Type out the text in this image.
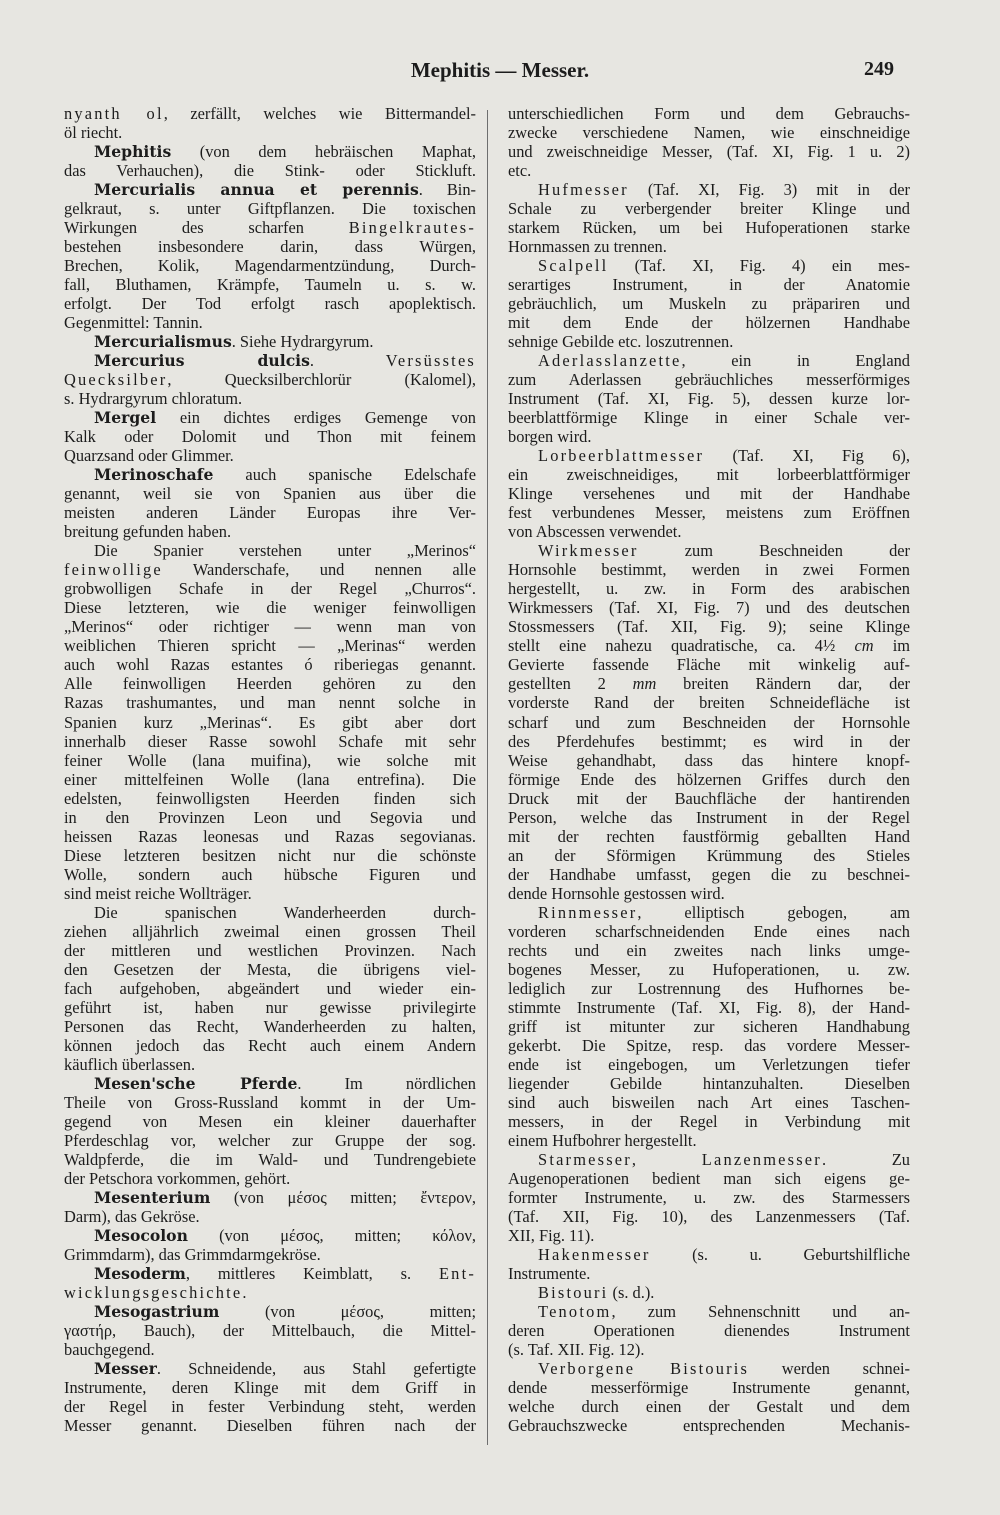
Mephitis — Messer.	249
nyanth ol, zerfällt, welches wie Bittermandel-
öl riecht.
Mephitis (von dem hebräischen Maphat,
das Verhauchen), die Stink- oder Stickluft.
Mercurialis annua et perennis. Bin-
gelkraut, s. unter Giftpflanzen. Die toxischen
Wirkungen des scharfen Bingelkrautes-
bestehen insbesondere darin, dass Würgen,
Brechen, Kolik, Magendarmentzündung, Durch-
fall, Bluthamen, Krämpfe, Taumeln u. s. w.
erfolgt. Der Tod erfolgt rasch apoplektisch.
Gegenmittel: Tannin.
Mercurialismus. Siehe Hydrargyrum.
Mercurius dulcis. Versüsstes
Quecksilber, Quecksilberchlorür (Kalomel),
s. Hydrargyrum chloratum.
Mergel ein dichtes erdiges Gemenge von
Kalk oder Dolomit und Thon mit feinem
Quarzsand oder Glimmer.
Merinoschafe auch spanische Edelschafe
genannt, weil sie von Spanien aus über die
meisten anderen Länder Europas ihre Ver-
breitung gefunden haben.
Die Spanier verstehen unter „Merinos“
feinwollige Wanderschafe, und nennen alle
grobwolligen Schafe in der Regel „Churros“.
Diese letzteren, wie die weniger feinwolligen
„Merinos“ oder richtiger — wenn man von
weiblichen Thieren spricht — „Merinas“ werden
auch wohl Razas estantes ó riberiegas genannt.
Alle feinwolligen Heerden gehören zu den
Razas trashumantes, und man nennt solche in
Spanien kurz „Merinas“. Es gibt aber dort
innerhalb dieser Rasse sowohl Schafe mit sehr
feiner Wolle (lana muifina), wie solche mit
einer mittelfeinen Wolle (lana entrefina). Die
edelsten, feinwolligsten Heerden finden sich
in den Provinzen Leon und Segovia und
heissen Razas leonesas und Razas segovianas.
Diese letzteren besitzen nicht nur die schönste
Wolle, sondern auch hübsche Figuren und
sind meist reiche Wollträger.
Die spanischen Wanderheerden durch-
ziehen alljährlich zweimal einen grossen Theil
der mittleren und westlichen Provinzen. Nach
den Gesetzen der Mesta, die übrigens viel-
fach aufgehoben, abgeändert und wieder ein-
geführt ist, haben nur gewisse privilegirte
Personen das Recht, Wanderheerden zu halten,
können jedoch das Recht auch einem Andern
käuflich überlassen.
Mesen'sche Pferde. Im nördlichen
Theile von Gross-Russland kommt in der Um-
gegend von Mesen ein kleiner dauerhafter
Pferdeschlag vor, welcher zur Gruppe der sog.
Waldpferde, die im Wald- und Tundrengebiete
der Petschora vorkommen, gehört.
Mesenterium (von μέσος mitten; ἔντερον,
Darm), das Gekröse.
Mesocolon (von μέσος, mitten; κόλον,
Grimmdarm), das Grimmdarmgekröse.
Mesoderm, mittleres Keimblatt, s. Ent-
wicklungsgeschichte.
Mesogastrium (von μέσος, mitten;
γαστήρ, Bauch), der Mittelbauch, die Mittel-
bauchgegend.
Messer. Schneidende, aus Stahl gefertigte
Instrumente, deren Klinge mit dem Griff in
der Regel in fester Verbindung steht, werden
Messer genannt. Dieselben führen nach der
unterschiedlichen Form und dem Gebrauchs-
zwecke verschiedene Namen, wie einschneidige
und zweischneidige Messer, (Taf. XI, Fig. 1 u. 2)
etc.
Hufmesser (Taf. XI, Fig. 3) mit in der
Schale zu verbergender breiter Klinge und
starkem Rücken, um bei Hufoperationen starke
Hornmassen zu trennen.
Scalpell (Taf. XI, Fig. 4) ein mes-
serartiges Instrument, in der Anatomie
gebräuchlich, um Muskeln zu präpariren und
mit dem Ende der hölzernen Handhabe
sehnige Gebilde etc. loszutrennen.
Aderlasslanzette, ein in England
zum Aderlassen gebräuchliches messerförmiges
Instrument (Taf. XI, Fig. 5), dessen kurze lor-
beerblattförmige Klinge in einer Schale ver-
borgen wird.
Lorbeerblattmesser (Taf. XI, Fig 6),
ein zweischneidiges, mit lorbeerblattförmiger
Klinge versehenes und mit der Handhabe
fest verbundenes Messer, meistens zum Eröffnen
von Abscessen verwendet.
Wirkmesser zum Beschneiden der
Hornsohle bestimmt, werden in zwei Formen
hergestellt, u. zw. in Form des arabischen
Wirkmessers (Taf. XI, Fig. 7) und des deutschen
Stossmessers (Taf. XII, Fig. 9); seine Klinge
stellt eine nahezu quadratische, ca. 4½ cm im
Gevierte fassende Fläche mit winkelig auf-
gestellten 2 mm breiten Rändern dar, der
vorderste Rand der breiten Schneidefläche ist
scharf und zum Beschneiden der Hornsohle
des Pferdehufes bestimmt; es wird in der
Weise gehandhabt, dass das hintere knopf-
förmige Ende des hölzernen Griffes durch den
Druck mit der Bauchfläche der hantirenden
Person, welche das Instrument in der Regel
mit der rechten faustförmig geballten Hand
an der Sförmigen Krümmung des Stieles
der Handhabe umfasst, gegen die zu beschnei-
dende Hornsohle gestossen wird.
Rinnmesser, elliptisch gebogen, am
vorderen scharfschneidenden Ende eines nach
rechts und ein zweites nach links umge-
bogenes Messer, zu Hufoperationen, u. zw.
lediglich zur Lostrennung des Hufhornes be-
stimmte Instrumente (Taf. XI, Fig. 8), der Hand-
griff ist mitunter zur sicheren Handhabung
gekerbt. Die Spitze, resp. das vordere Messer-
ende ist eingebogen, um Verletzungen tiefer
liegender Gebilde hintanzuhalten. Dieselben
sind auch bisweilen nach Art eines Taschen-
messers, in der Regel in Verbindung mit
einem Hufbohrer hergestellt.
Starmesser, Lanzenmesser. Zu
Augenoperationen bedient man sich eigens ge-
formter Instrumente, u. zw. des Starmessers
(Taf. XII, Fig. 10), des Lanzenmessers (Taf.
XII, Fig. 11).
Hakenmesser (s. u. Geburtshilfliche
Instrumente.
Bistouri (s. d.).
Tenotom, zum Sehnenschnitt und an-
deren Operationen dienendes Instrument
(s. Taf. XII. Fig. 12).
Verborgene Bistouris werden schnei-
dende messerförmige Instrumente genannt,
welche durch einen der Gestalt und dem
Gebrauchszwecke entsprechenden Mechanis-
